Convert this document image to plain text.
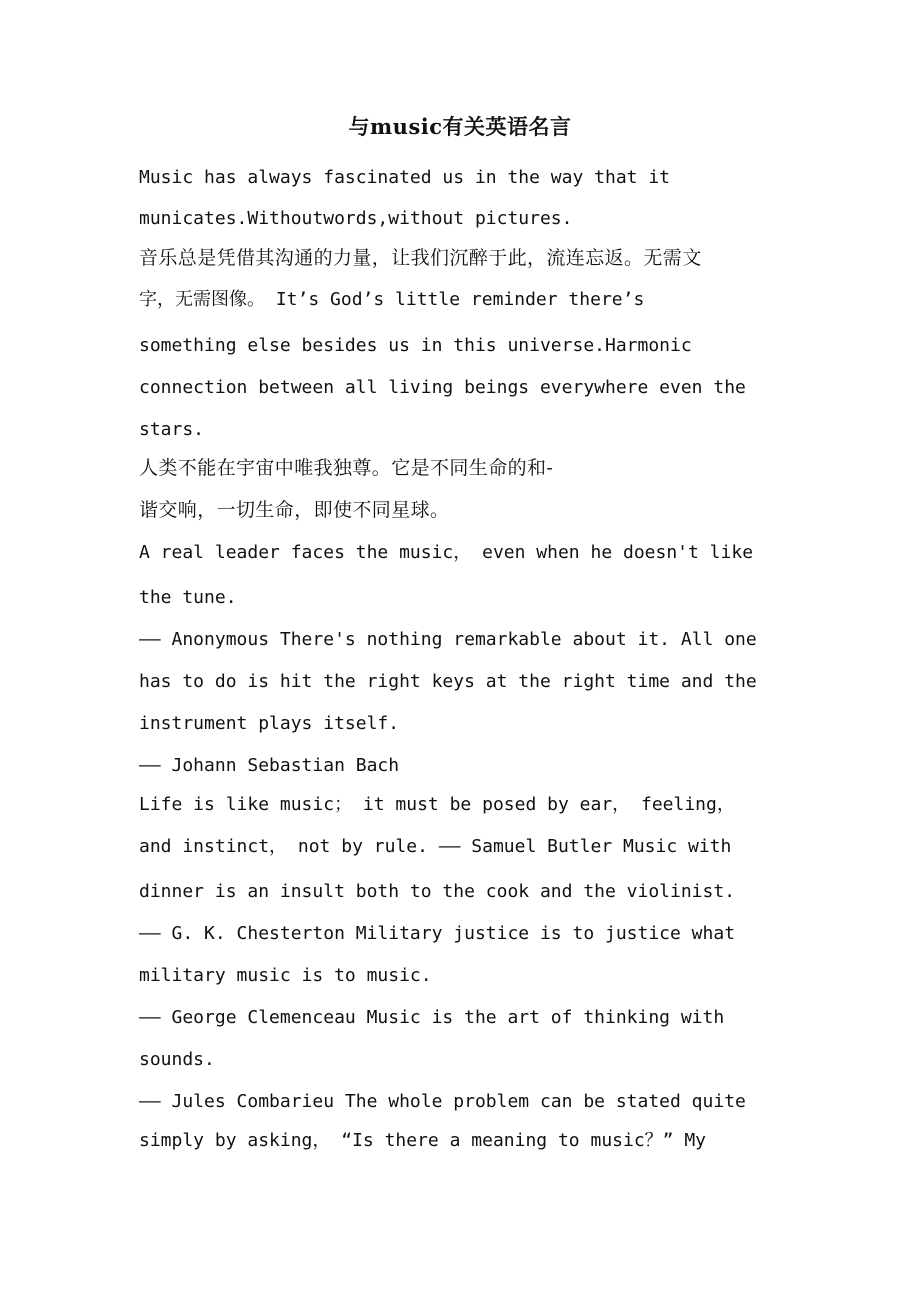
与music有关英语名言
Music has always fascinated us in the way that it
municates.Withoutwords,without pictures.
音乐总是凭借其沟通的力量，让我们沉醉于此，流连忘返。无需文
字，无需图像。 It’s God’s little reminder there’s
something else besides us in this universe.Harmonic
connection between all living beings everywhere even the
stars.
人类不能在宇宙中唯我独尊。它是不同生命的和-
谐交响，一切生命，即使不同星球。
A real leader faces the music， even when he doesn't like
the tune.
—— Anonymous There's nothing remarkable about it. All one
has to do is hit the right keys at the right time and the
instrument plays itself.
—— Johann Sebastian Bach
Life is like music； it must be posed by ear， feeling，
and instinct， not by rule. —— Samuel Butler Music with
dinner is an insult both to the cook and the violinist.
—— G. K. Chesterton Military justice is to justice what
military music is to music.
—— George Clemenceau Music is the art of thinking with
sounds.
—— Jules Combarieu The whole problem can be stated quite
simply by asking， “Is there a meaning to music？” My
